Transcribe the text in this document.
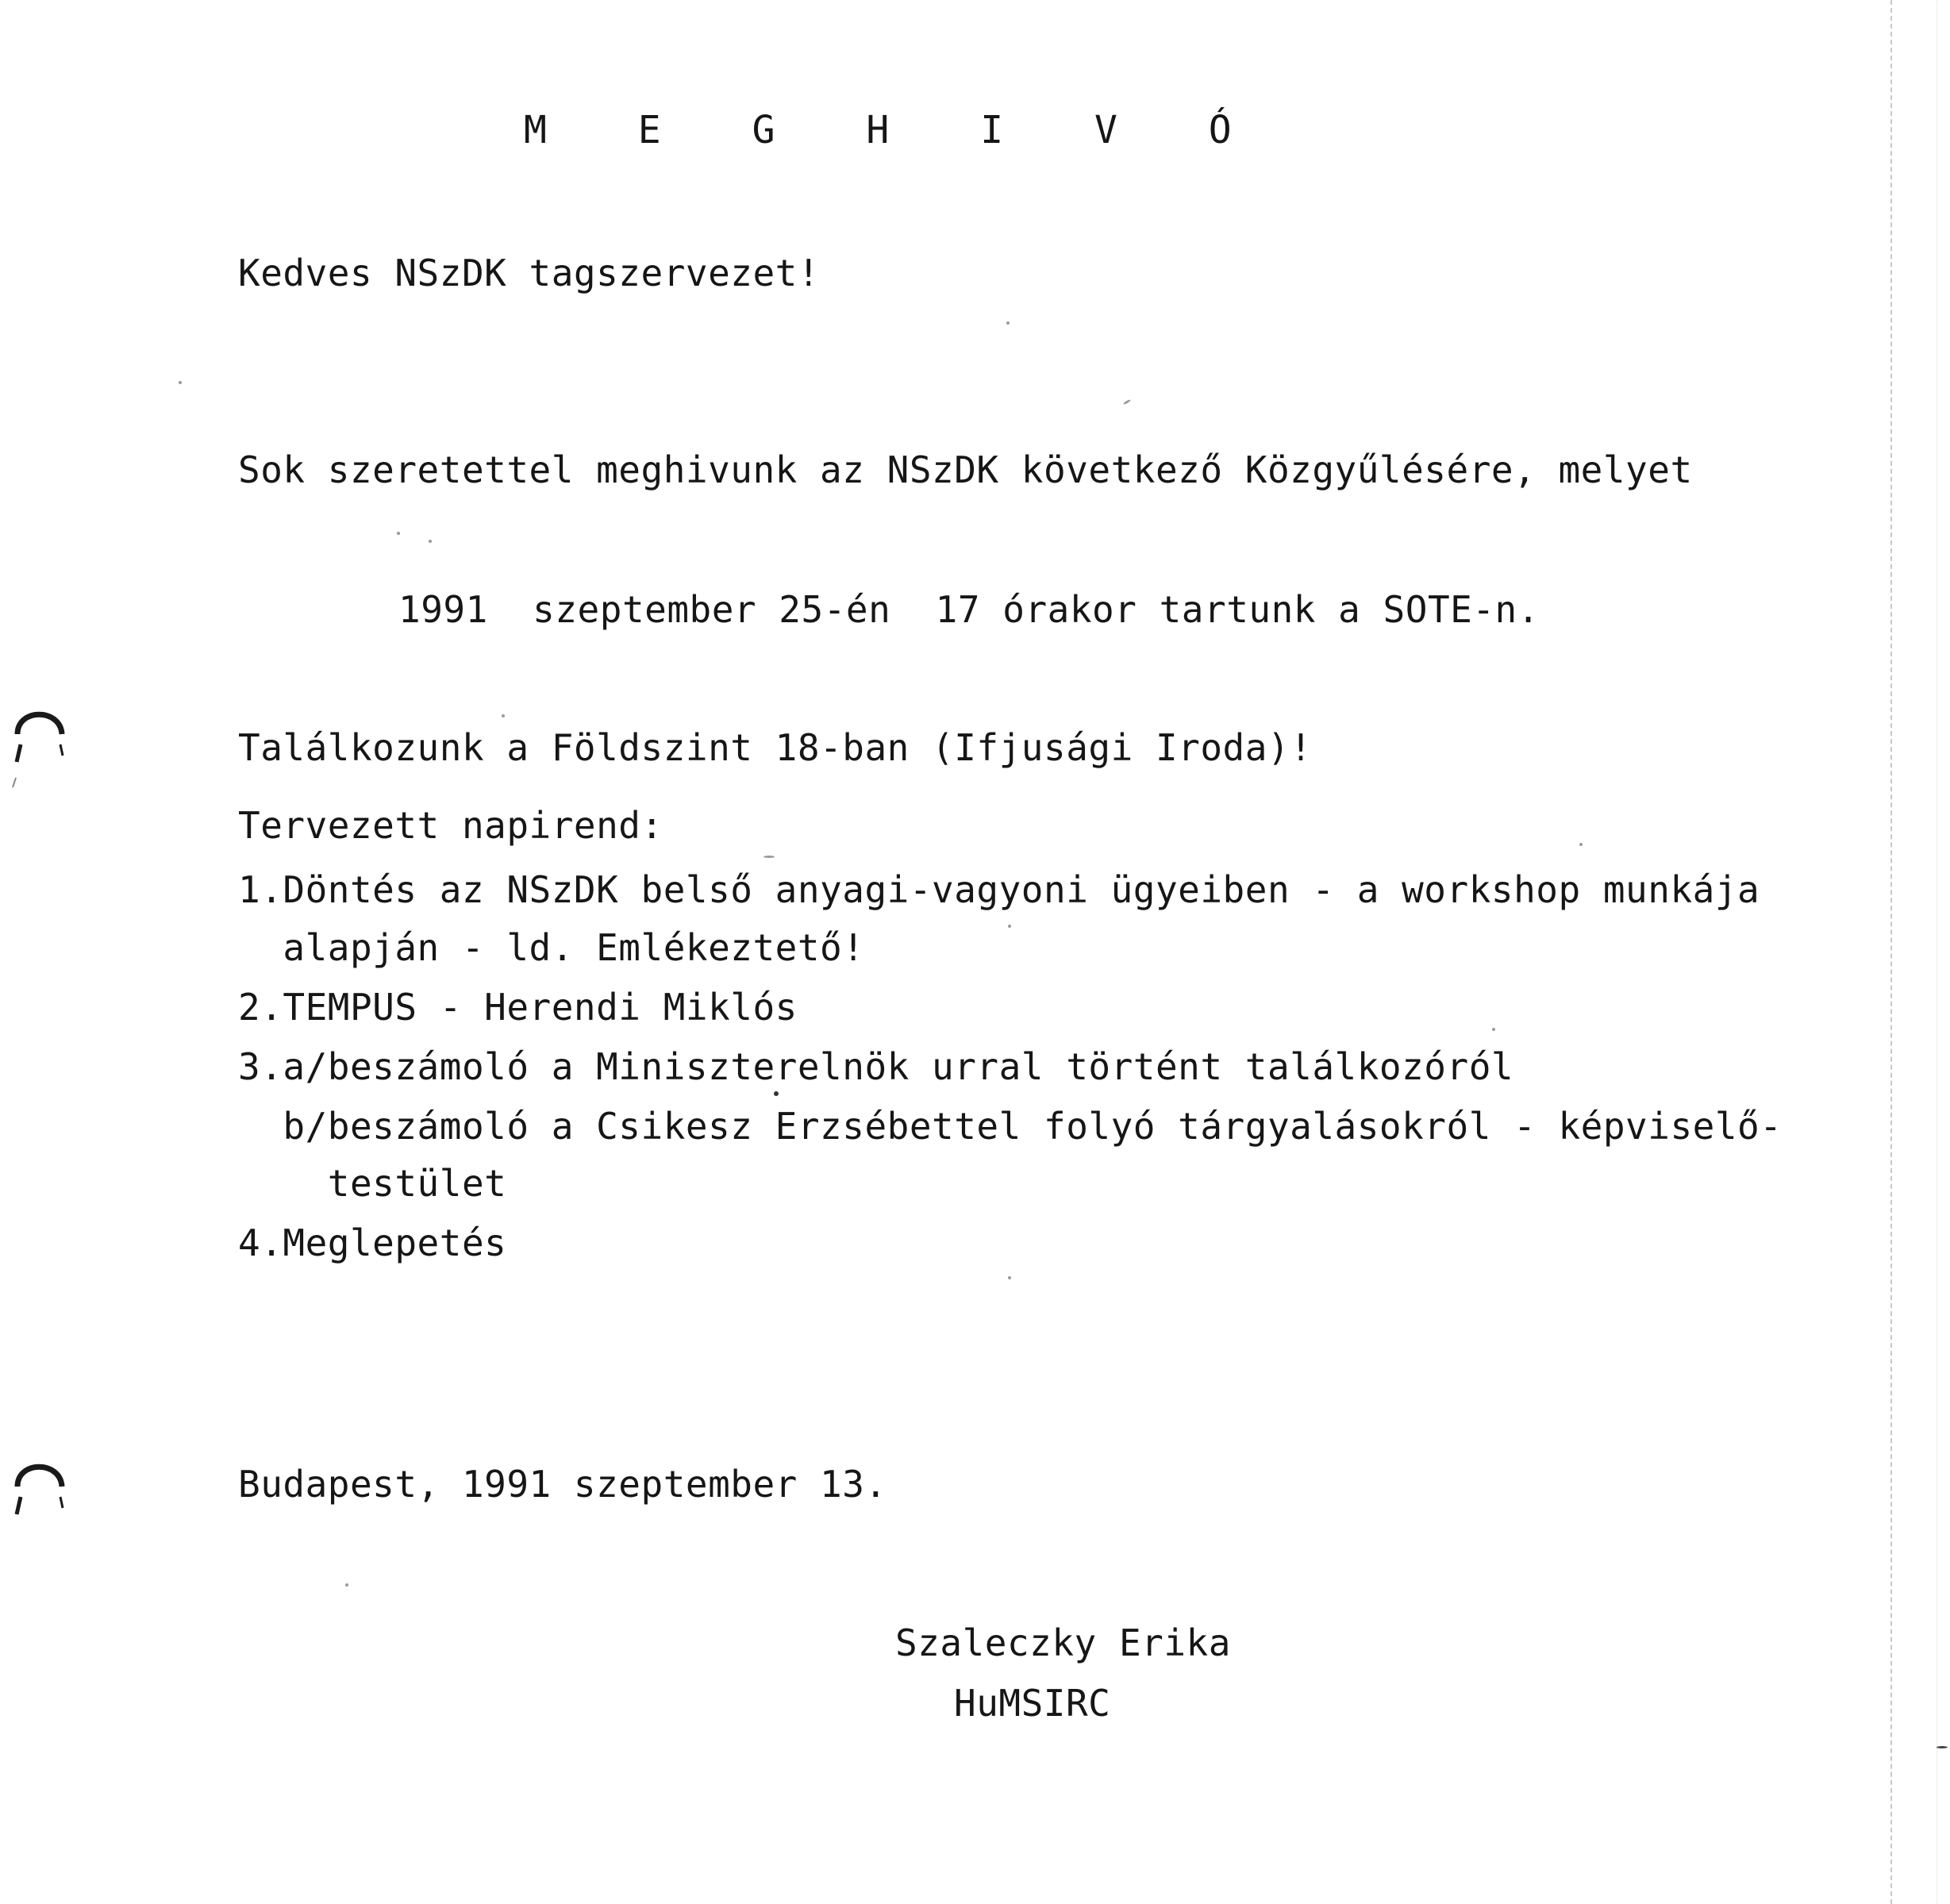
M E G H I V Ó
Kedves NSzDK tagszervezet!
Sok szeretettel meghivunk az NSzDK következő Közgyűlésére, melyet
1991  szeptember 25-én  17 órakor tartunk a SOTE-n.
Találkozunk a Földszint 18-ban (Ifjusági Iroda)!
Tervezett napirend:
1.Döntés az NSzDK belső anyagi-vagyoni ügyeiben - a workshop munkája
alapján - ld. Emlékeztető!
2.TEMPUS - Herendi Miklós
3.a/beszámoló a Miniszterelnök urral történt találkozóról
b/beszámoló a Csikesz Erzsébettel folyó tárgyalásokról - képviselő-
testület
4.Meglepetés
Budapest, 1991 szeptember 13.
Szaleczky Erika
HuMSIRC
